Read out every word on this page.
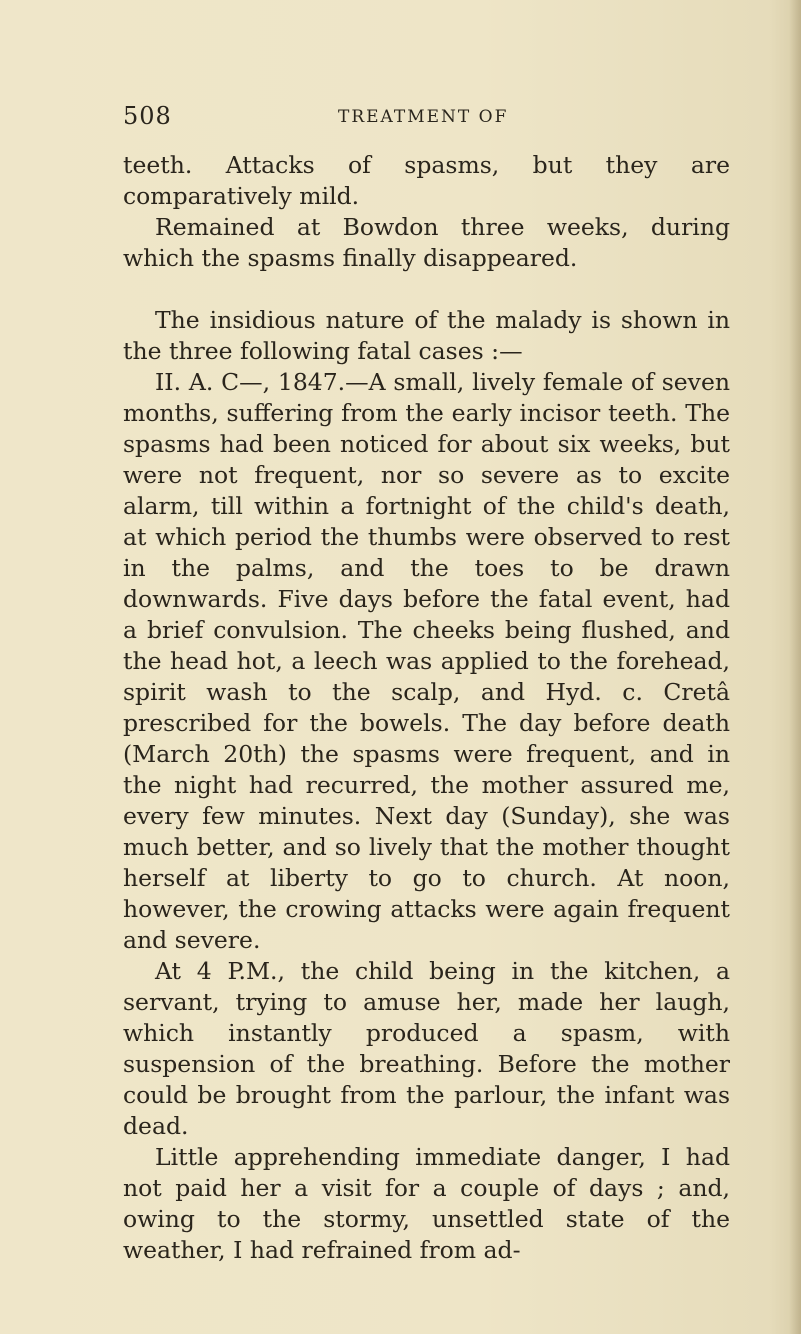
508	TREATMENT OF

teeth. Attacks of spasms, but they are comparatively mild.

Remained at Bowdon three weeks, during which the spasms finally disappeared.

The insidious nature of the malady is shown in the three following fatal cases :—

II. A. C—, 1847.—A small, lively female of seven months, suffering from the early incisor teeth. The spasms had been noticed for about six weeks, but were not frequent, nor so severe as to excite alarm, till within a fortnight of the child's death, at which period the thumbs were observed to rest in the palms, and the toes to be drawn downwards. Five days before the fatal event, had a brief convulsion. The cheeks being flushed, and the head hot, a leech was applied to the forehead, spirit wash to the scalp, and Hyd. c. Cretâ prescribed for the bowels. The day before death (March 20th) the spasms were frequent, and in the night had recurred, the mother assured me, every few minutes. Next day (Sunday), she was much better, and so lively that the mother thought herself at liberty to go to church. At noon, however, the crowing attacks were again frequent and severe.

At 4 P.M., the child being in the kitchen, a servant, trying to amuse her, made her laugh, which instantly produced a spasm, with suspension of the breathing. Before the mother could be brought from the parlour, the infant was dead.

Little apprehending immediate danger, I had not paid her a visit for a couple of days ; and, owing to the stormy, unsettled state of the weather, I had refrained from ad-
